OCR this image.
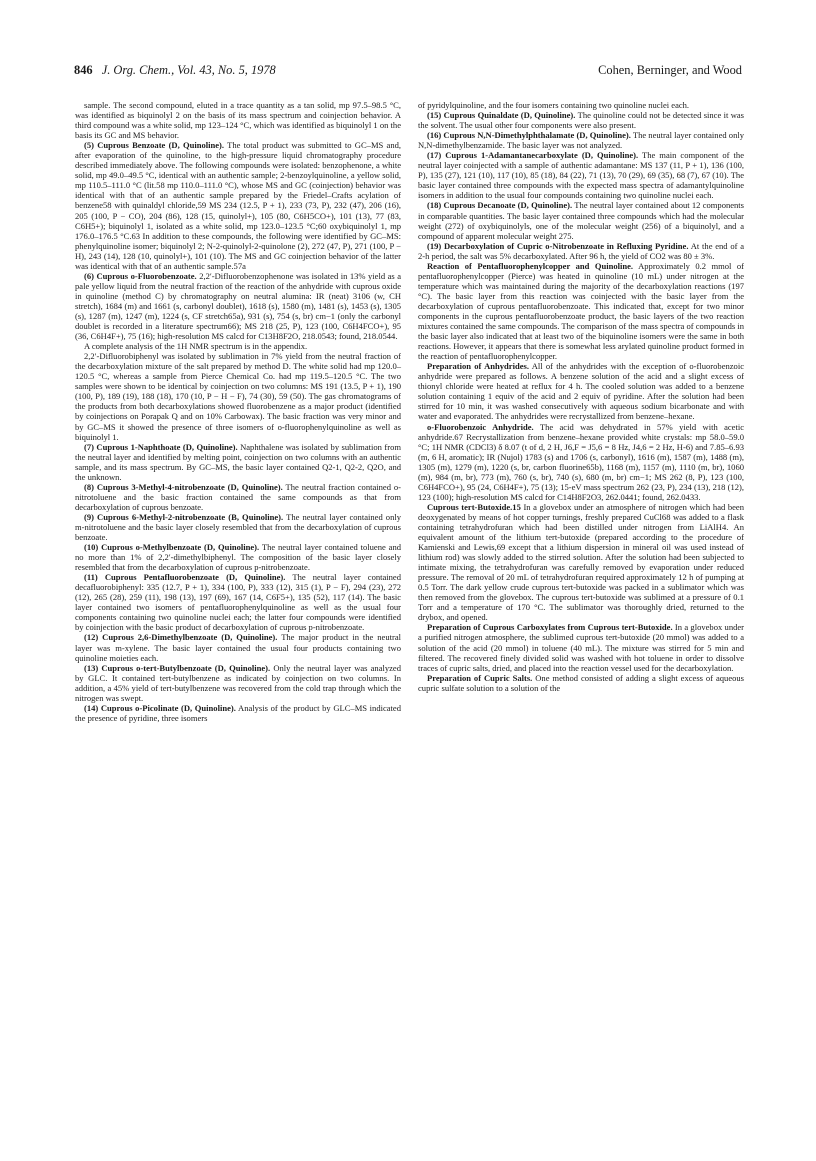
846 J. Org. Chem., Vol. 43, No. 5, 1978	Cohen, Berninger, and Wood

sample. The second compound, eluted in a trace quantity as a tan solid, mp 97.5–98.5 °C, was identified as biquinolyl 2 on the basis of its mass spectrum and coinjection behavior. A third compound was a white solid, mp 123–124 °C, which was identified as biquinolyl 1 on the basis its GC and MS behavior.

(5) Cuprous Benzoate (D, Quinoline). The total product was submitted to GC–MS and, after evaporation of the quinoline, to the high-pressure liquid chromatography procedure described immediately above. The following compounds were isolated: benzophenone, a white solid, mp 49.0–49.5 °C, identical with an authentic sample; 2-benzoylquinoline, a yellow solid, mp 110.5–111.0 °C (lit.58 mp 110.0–111.0 °C), whose MS and GC (coinjection) behavior was identical with that of an authentic sample prepared by the Friedel–Crafts acylation of benzene58 with quinaldyl chloride,59 MS 234 (12.5, P + 1), 233 (73, P), 232 (47), 206 (16), 205 (100, P − CO), 204 (86), 128 (15, quinolyl+), 105 (80, C6H5CO+), 101 (13), 77 (83, C6H5+); biquinolyl 1, isolated as a white solid, mp 123.0–123.5 °C;60 oxybiquinolyl 1, mp 176.0–176.5 °C.63 In addition to these compounds, the following were identified by GC–MS: phenylquinoline isomer; biquinolyl 2; N-2-quinolyl-2-quinolone (2), 272 (47, P), 271 (100, P − H), 243 (14), 128 (10, quinolyl+), 101 (10). The MS and GC coinjection behavior of the latter was identical with that of an authentic sample.57a

(6) Cuprous o-Fluorobenzoate. 2,2′-Difluorobenzophenone was isolated in 13% yield as a pale yellow liquid from the neutral fraction of the reaction of the anhydride with cuprous oxide in quinoline (method C) by chromatography on neutral alumina: IR (neat) 3106 (w, CH stretch), 1684 (m) and 1661 (s, carbonyl doublet), 1618 (s), 1580 (m), 1481 (s), 1453 (s), 1305 (s), 1287 (m), 1247 (m), 1224 (s, CF stretch65a), 931 (s), 754 (s, br) cm−1 (only the carbonyl doublet is recorded in a literature spectrum66); MS 218 (25, P), 123 (100, C6H4FCO+), 95 (36, C6H4F+), 75 (16); high-resolution MS calcd for C13H8F2O, 218.0543; found, 218.0544.

A complete analysis of the 1H NMR spectrum is in the appendix.

2,2′-Difluorobiphenyl was isolated by sublimation in 7% yield from the neutral fraction of the decarboxylation mixture of the salt prepared by method D. The white solid had mp 120.0–120.5 °C, whereas a sample from Pierce Chemical Co. had mp 119.5–120.5 °C. The two samples were shown to be identical by coinjection on two columns: MS 191 (13.5, P + 1), 190 (100, P), 189 (19), 188 (18), 170 (10, P − H − F), 74 (30), 59 (50). The gas chromatograms of the products from both decarboxylations showed fluorobenzene as a major product (identified by coinjections on Porapak Q and on 10% Carbowax). The basic fraction was very minor and by GC–MS it showed the presence of three isomers of o-fluorophenylquinoline as well as biquinolyl 1.

(7) Cuprous 1-Naphthoate (D, Quinoline). Naphthalene was isolated by sublimation from the neutral layer and identified by melting point, coinjection on two columns with an authentic sample, and its mass spectrum. By GC–MS, the basic layer contained Q2-1, Q2-2, Q2O, and the unknown.

(8) Cuprous 3-Methyl-4-nitrobenzoate (D, Quinoline). The neutral fraction contained o-nitrotoluene and the basic fraction contained the same compounds as that from decarboxylation of cuprous benzoate.

(9) Cuprous 6-Methyl-2-nitrobenzoate (B, Quinoline). The neutral layer contained only m-nitrotoluene and the basic layer closely resembled that from the decarboxylation of cuprous benzoate.

(10) Cuprous o-Methylbenzoate (D, Quinoline). The neutral layer contained toluene and no more than 1% of 2,2′-dimethylbiphenyl. The composition of the basic layer closely resembled that from the decarboxylation of cuprous p-nitrobenzoate.

(11) Cuprous Pentafluorobenzoate (D, Quinoline). The neutral layer contained decafluorobiphenyl: 335 (12.7, P + 1), 334 (100, P), 333 (12), 315 (1), P − F), 294 (23), 272 (12), 265 (28), 259 (11), 198 (13), 197 (69), 167 (14, C6F5+), 135 (52), 117 (14). The basic layer contained two isomers of pentafluorophenylquinoline as well as the usual four components containing two quinoline nuclei each; the latter four compounds were identified by coinjection with the basic product of decarboxylation of cuprous p-nitrobenzoate.

(12) Cuprous 2,6-Dimethylbenzoate (D, Quinoline). The major product in the neutral layer was m-xylene. The basic layer contained the usual four products containing two quinoline moieties each.

(13) Cuprous o-tert-Butylbenzoate (D, Quinoline). Only the neutral layer was analyzed by GLC. It contained tert-butylbenzene as indicated by coinjection on two columns. In addition, a 45% yield of tert-butylbenzene was recovered from the cold trap through which the nitrogen was swept.

(14) Cuprous o-Picolinate (D, Quinoline). Analysis of the product by GLC–MS indicated the presence of pyridine, three isomers

of pyridylquinoline, and the four isomers containing two quinoline nuclei each.

(15) Cuprous Quinaldate (D, Quinoline). The quinoline could not be detected since it was the solvent. The usual other four components were also present.

(16) Cuprous N,N-Dimethylphthalamate (D, Quinoline). The neutral layer contained only N,N-dimethylbenzamide. The basic layer was not analyzed.

(17) Cuprous 1-Adamantanecarboxylate (D, Quinoline). The main component of the neutral layer coinjected with a sample of authentic adamantane: MS 137 (11, P + 1), 136 (100, P), 135 (27), 121 (10), 117 (10), 85 (18), 84 (22), 71 (13), 70 (29), 69 (35), 68 (7), 67 (10). The basic layer contained three compounds with the expected mass spectra of adamantylquinoline isomers in addition to the usual four compounds containing two quinoline nuclei each.

(18) Cuprous Decanoate (D, Quinoline). The neutral layer contained about 12 components in comparable quantities. The basic layer contained three compounds which had the molecular weight (272) of oxybiquinolyls, one of the molecular weight (256) of a biquinolyl, and a compound of apparent molecular weight 275.

(19) Decarboxylation of Cupric o-Nitrobenzoate in Refluxing Pyridine. At the end of a 2-h period, the salt was 5% decarboxylated. After 96 h, the yield of CO2 was 80 ± 3%.

Reaction of Pentafluorophenylcopper and Quinoline. Approximately 0.2 mmol of pentafluorophenylcopper (Pierce) was heated in quinoline (10 mL) under nitrogen at the temperature which was maintained during the majority of the decarboxylation reactions (197 °C). The basic layer from this reaction was coinjected with the basic layer from the decarboxylation of cuprous pentafluorobenzoate. This indicated that, except for two minor components in the cuprous pentafluorobenzoate product, the basic layers of the two reaction mixtures contained the same compounds. The comparison of the mass spectra of compounds in the basic layer also indicated that at least two of the biquinoline isomers were the same in both reactions. However, it appears that there is somewhat less arylated quinoline product formed in the reaction of pentafluorophenylcopper.

Preparation of Anhydrides. All of the anhydrides with the exception of o-fluorobenzoic anhydride were prepared as follows. A benzene solution of the acid and a slight excess of thionyl chloride were heated at reflux for 4 h. The cooled solution was added to a benzene solution containing 1 equiv of the acid and 2 equiv of pyridine. After the solution had been stirred for 10 min, it was washed consecutively with aqueous sodium bicarbonate and with water and evaporated. The anhydrides were recrystallized from benzene–hexane.

o-Fluorobenzoic Anhydride. The acid was dehydrated in 57% yield with acetic anhydride.67 Recrystallization from benzene–hexane provided white crystals: mp 58.0–59.0 °C; 1H NMR (CDCl3) δ 8.07 (t of d, 2 H, J6,F = J5,6 = 8 Hz, J4,6 = 2 Hz, H-6) and 7.85–6.93 (m, 6 H, aromatic); IR (Nujol) 1783 (s) and 1706 (s, carbonyl), 1616 (m), 1587 (m), 1488 (m), 1305 (m), 1279 (m), 1220 (s, br, carbon fluorine65b), 1168 (m), 1157 (m), 1110 (m, br), 1060 (m), 984 (m, br), 773 (m), 760 (s, br), 740 (s), 680 (m, br) cm−1; MS 262 (8, P), 123 (100, C6H4FCO+), 95 (24, C6H4F+), 75 (13); 15-eV mass spectrum 262 (23, P), 234 (13), 218 (12), 123 (100); high-resolution MS calcd for C14H8F2O3, 262.0441; found, 262.0433.

Cuprous tert-Butoxide.15 In a glovebox under an atmosphere of nitrogen which had been deoxygenated by means of hot copper turnings, freshly prepared CuCl68 was added to a flask containing tetrahydrofuran which had been distilled under nitrogen from LiAlH4. An equivalent amount of the lithium tert-butoxide (prepared according to the procedure of Kamienski and Lewis,69 except that a lithium dispersion in mineral oil was used instead of lithium rod) was slowly added to the stirred solution. After the solution had been subjected to intimate mixing, the tetrahydrofuran was carefully removed by evaporation under reduced pressure. The removal of 20 mL of tetrahydrofuran required approximately 12 h of pumping at 0.5 Torr. The dark yellow crude cuprous tert-butoxide was packed in a sublimator which was then removed from the glovebox. The cuprous tert-butoxide was sublimed at a pressure of 0.1 Torr and a temperature of 170 °C. The sublimator was thoroughly dried, returned to the drybox, and opened.

Preparation of Cuprous Carboxylates from Cuprous tert-Butoxide. In a glovebox under a purified nitrogen atmosphere, the sublimed cuprous tert-butoxide (20 mmol) was added to a solution of the acid (20 mmol) in toluene (40 mL). The mixture was stirred for 5 min and filtered. The recovered finely divided solid was washed with hot toluene in order to dissolve traces of cupric salts, dried, and placed into the reaction vessel used for the decarboxylation.

Preparation of Cupric Salts. One method consisted of adding a slight excess of aqueous cupric sulfate solution to a solution of the
